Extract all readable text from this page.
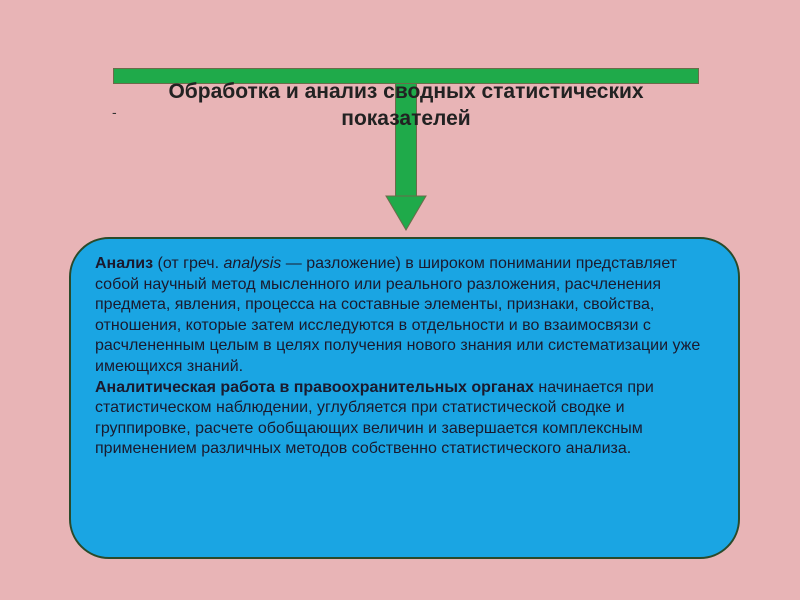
Обработка и анализ сводных статистических показателей
-

Анализ (от греч. analysis — разложение) в широком понимании представляет собой научный метод мысленного или реального разложения, расчленения предмета, явления, процесса на составные элементы, признаки, свойства, отношения, которые затем исследуются в отдельности и во взаимосвязи с расчлененным целым в целях получения нового знания или систематизации уже имеющихся знаний.

Аналитическая работа в правоохранительных органах начинается при статистическом наблюдении, углубляется при статистической сводке и группировке, расчете обобщающих величин и завершается комплексным применением различных методов собственно статистического анализа.
